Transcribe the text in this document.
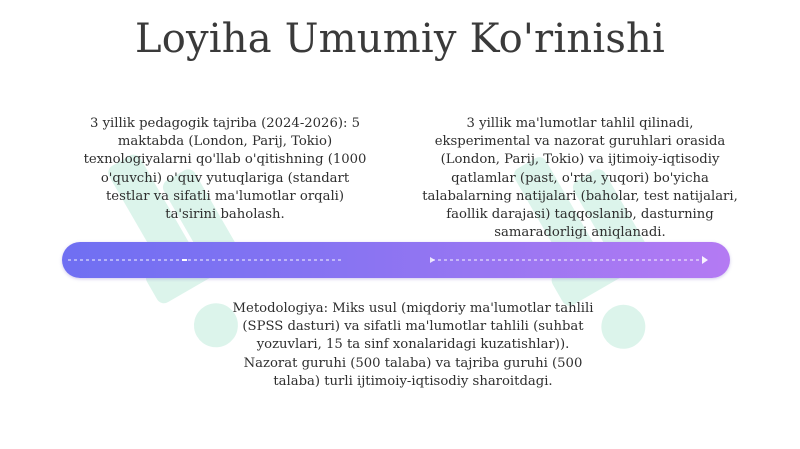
Loyiha Umumiy Ko'rinishi
3 yillik pedagogik tajriba (2024-2026): 5 maktabda (London, Parij, Tokio) texnologiyalarni qo'llab o'qitishning (1000 o'quvchi) o'quv yutuqlariga (standart testlar va sifatli ma'lumotlar orqali) ta'sirini baholash.
3 yillik ma'lumotlar tahlil qilinadi, eksperimental va nazorat guruhlari orasida (London, Parij, Tokio) va ijtimoiy-iqtisodiy qatlamlar (past, o'rta, yuqori) bo'yicha talabalarning natijalari (baholar, test natijalari, faollik darajasi) taqqoslanib, dasturning samaradorligi aniqlanadi.
Metodologiya: Miks usul (miqdoriy ma'lumotlar tahlili (SPSS dasturi) va sifatli ma'lumotlar tahlili (suhbat yozuvlari, 15 ta sinf xonalaridagi kuzatishlar)). Nazorat guruhi (500 talaba) va tajriba guruhi (500 talaba) turli ijtimoiy-iqtisodiy sharoitdagi.
